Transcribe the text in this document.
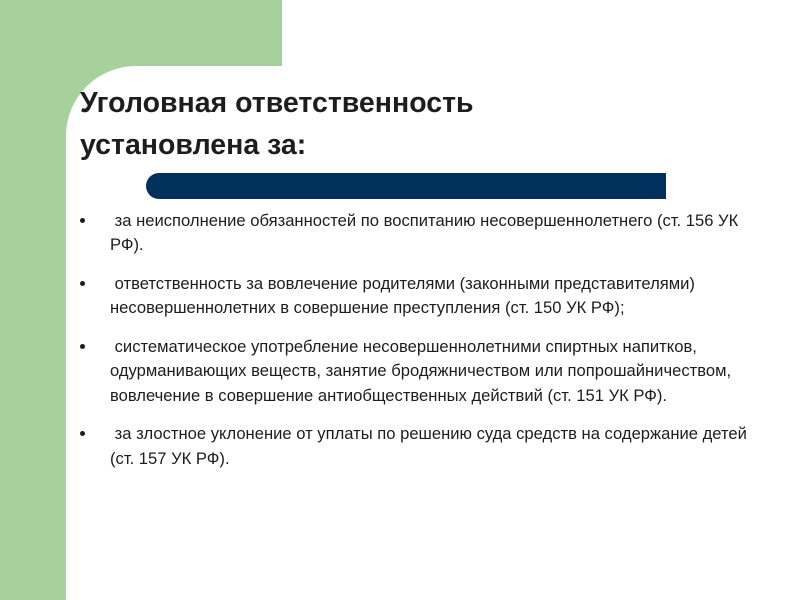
Уголовная ответственность
установлена за:
за неисполнение обязанностей по воспитанию несовершеннолетнего (ст. 156 УК РФ).
ответственность за вовлечение родителями (законными представителями) несовершеннолетних в совершение преступления (ст. 150 УК РФ);
систематическое употребление несовершеннолетними спиртных напитков, одурманивающих веществ, занятие бродяжничеством или попрошайничеством, вовлечение в совершение антиобщественных действий (ст. 151 УК РФ).
за злостное уклонение от уплаты по решению суда средств на содержание детей (ст. 157 УК РФ).
